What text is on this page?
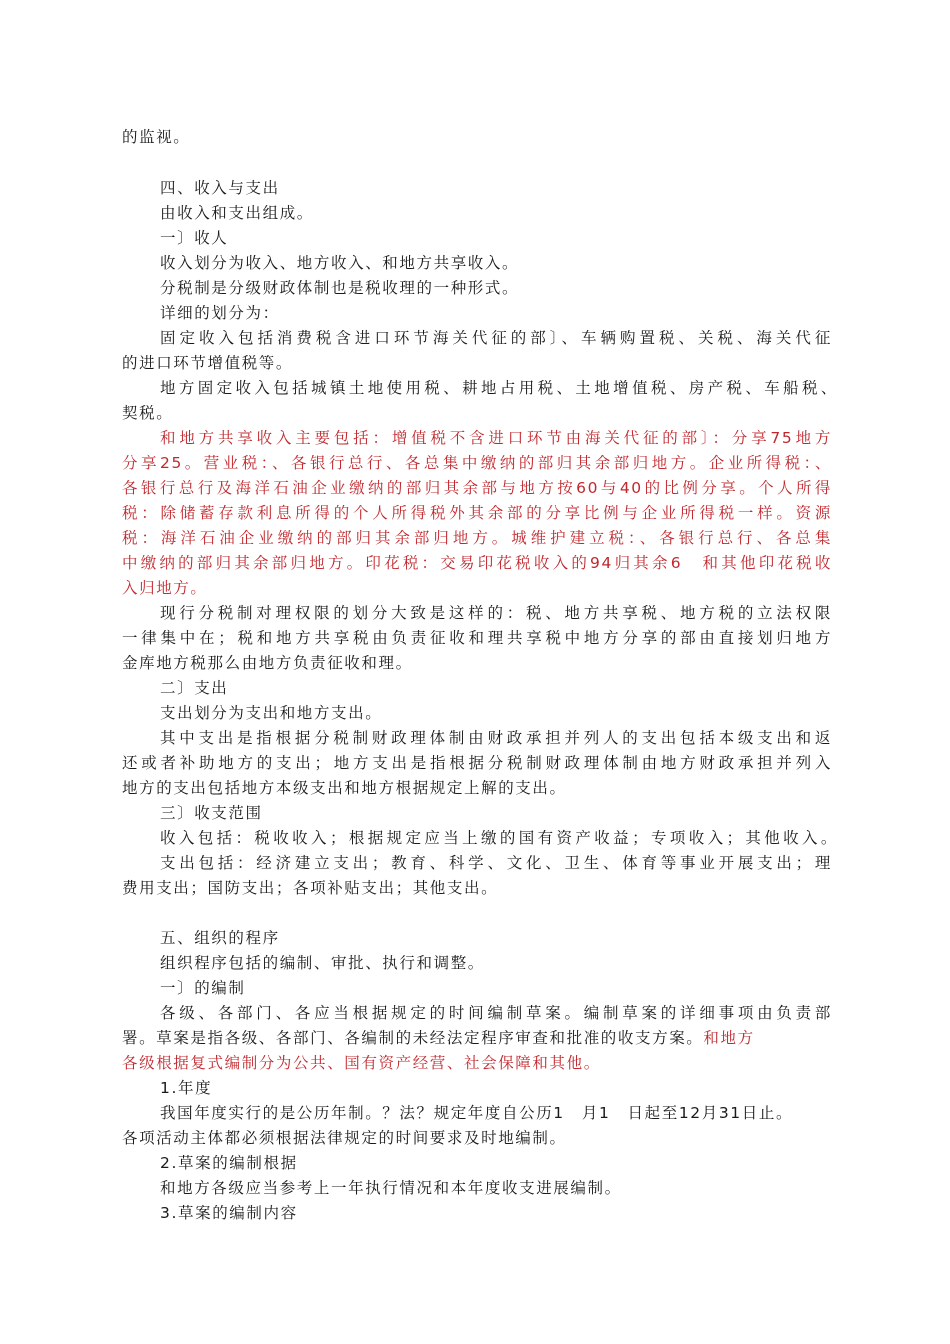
的监视。
四、收入与支出
由收入和支出组成。
一〕收人
收入划分为收入、地方收入、和地方共享收入。
分税制是分级财政体制也是税收理的一种形式。
详细的划分为：
固定收入包括消费税含进口环节海关代征的部〕、车辆购置税、关税、海关代征
的进口环节增值税等。
地方固定收入包括城镇土地使用税、耕地占用税、土地增值税、房产税、车船税、
契税。
和地方共享收入主要包括：增值税不含进口环节由海关代征的部〕：分享75地方
分享25。营业税：、各银行总行、各总集中缴纳的部归其余部归地方。企业所得税：、
各银行总行及海洋石油企业缴纳的部归其余部与地方按60与40的比例分享。个人所得
税：除储蓄存款利息所得的个人所得税外其余部的分享比例与企业所得税一样。资源
税：海洋石油企业缴纳的部归其余部归地方。城维护建立税：、各银行总行、各总集
中缴纳的部归其余部归地方。印花税：交易印花税收入的94归其余6　和其他印花税收
入归地方。
现行分税制对理权限的划分大致是这样的：税、地方共享税、地方税的立法权限
一律集中在；税和地方共享税由负责征收和理共享税中地方分享的部由直接划归地方
金库地方税那么由地方负责征收和理。
二〕支出
支出划分为支出和地方支出。
其中支出是指根据分税制财政理体制由财政承担并列人的支出包括本级支出和返
还或者补助地方的支出；地方支出是指根据分税制财政理体制由地方财政承担并列入
地方的支出包括地方本级支出和地方根据规定上解的支出。
三〕收支范围
收入包括：税收收入；根据规定应当上缴的国有资产收益；专项收入；其他收入。
支出包括：经济建立支出；教育、科学、文化、卫生、体育等事业开展支出；理
费用支出；国防支出；各项补贴支出；其他支出。
五、组织的程序
组织程序包括的编制、审批、执行和调整。
一〕的编制
各级、各部门、各应当根据规定的时间编制草案。编制草案的详细事项由负责部
署。草案是指各级、各部门、各编制的未经法定程序审查和批准的收支方案。和地方
各级根据复式编制分为公共、国有资产经营、社会保障和其他。
1.年度
我国年度实行的是公历年制。？法？规定年度自公历1　月1　日起至12月31日止。
各项活动主体都必须根据法律规定的时间要求及时地编制。
2.草案的编制根据
和地方各级应当参考上一年执行情况和本年度收支进展编制。
3.草案的编制内容
